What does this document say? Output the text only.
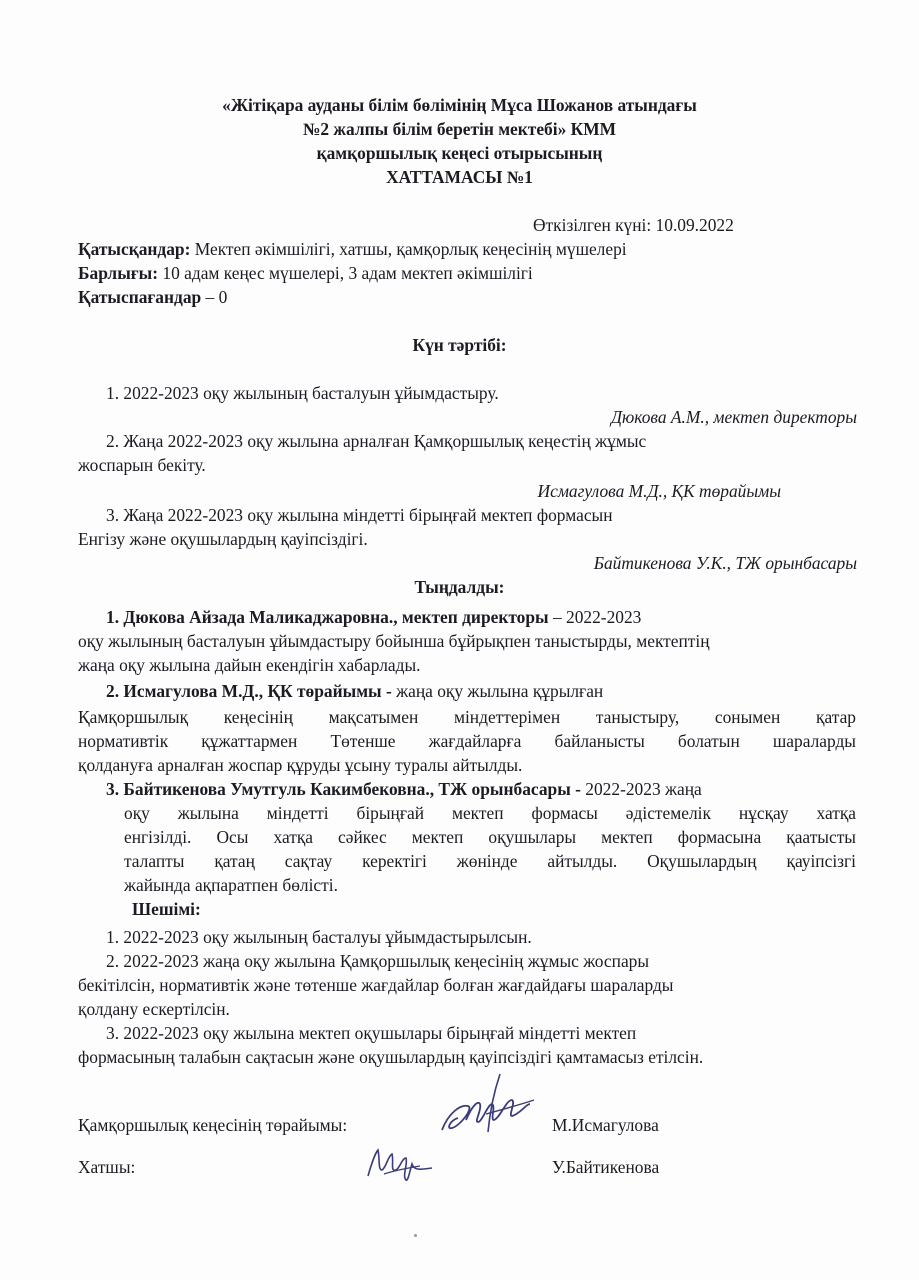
«Жітіқара ауданы білім бөлімінің Мұса Шожанов атындағы
№2 жалпы білім беретін мектебі» КММ
қамқоршылық кеңесі отырысының
ХАТТАМАСЫ №1
Өткізілген күні: 10.09.2022
Қатысқандар: Мектеп әкімшілігі, хатшы, қамқорлық кеңесінің мүшелері
Барлығы: 10 адам кеңес мүшелері, 3 адам мектеп әкімшілігі
Қатыспағандар – 0
Күн тәртібі:
1. 2022-2023 оқу жылының басталуын ұйымдастыру.
Дюкова А.М., мектеп директоры
2. Жаңа 2022-2023 оқу жылына арналған Қамқоршылық кеңестің жұмыс
жоспарын бекіту.
Исмагулова М.Д., ҚК төрайымы
3. Жаңа 2022-2023 оқу жылына міндетті бірыңғай мектеп формасын
Енгізу және оқушылардың қауіпсіздігі.
Байтикенова У.К., ТЖ орынбасары
Тыңдалды:
1. Дюкова Айзада Маликаджаровна., мектеп директоры – 2022-2023
оқу жылының басталуын ұйымдастыру бойынша бұйрықпен таныстырды, мектептің
жаңа оқу жылына дайын екендігін хабарлады.
2. Исмагулова М.Д., ҚК төрайымы - жаңа оқу жылына құрылған
Қамқоршылық кеңесінің мақсатымен міндеттерімен таныстыру, сонымен қатар
нормативтік құжаттармен Төтенше жағдайларға байланысты болатын шараларды
қолдануға арналған жоспар құруды ұсыну туралы айтылды.
3. Байтикенова Умутгуль Какимбековна., ТЖ орынбасары - 2022-2023 жаңа
оқу жылына міндетті бірыңғай мектеп формасы әдістемелік нұсқау хатқа
енгізілді. Осы хатқа сәйкес мектеп оқушылары мектеп формасына қаатысты
талапты қатаң сақтау керектігі жөнінде айтылды. Оқушылардың қауіпсізгі
жайында ақпаратпен бөлісті.
Шешімі:
1. 2022-2023 оқу жылының басталуы ұйымдастырылсын.
2. 2022-2023 жаңа оқу жылына Қамқоршылық кеңесінің жұмыс жоспары
бекітілсін, нормативтік және төтенше жағдайлар болған жағдайдағы шараларды
қолдану ескертілсін.
3. 2022-2023 оқу жылына мектеп оқушылары бірыңғай міндетті мектеп
формасының талабын сақтасын және оқушылардың қауіпсіздігі қамтамасыз етілсін.
Қамқоршылық кеңесінің төрайымы:	М.Исмагулова
Хатшы:	У.Байтикенова
